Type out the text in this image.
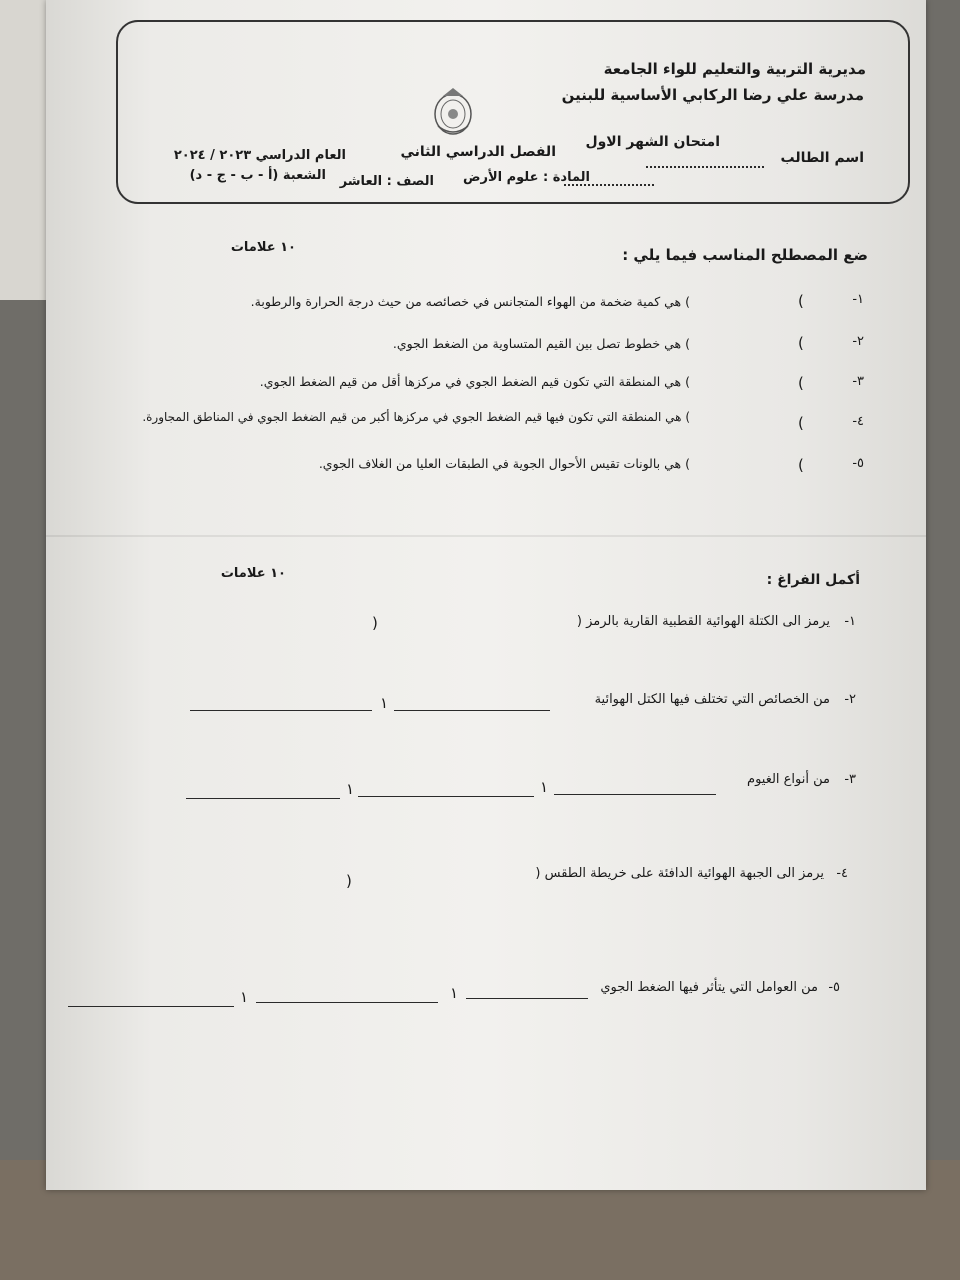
مديرية التربية والتعليم للواء الجامعة
مدرسة علي رضا الركابي الأساسية للبنين
امتحان الشهر الاول
الفصل الدراسي الثاني
العام الدراسي ٢٠٢٣ / ٢٠٢٤	اسم الطالب
المادة : علوم الأرض
الصف : العاشر
الشعبة (أ - ب - ج - د)
ضع المصطلح المناسب فيما يلي :
١٠ علامات
١-
(
) هي كمية ضخمة من الهواء المتجانس في خصائصه من حيث درجة الحرارة والرطوبة.
٢-
(
) هي خطوط تصل بين القيم المتساوية من الضغط الجوي.
٣-
(
) هي المنطقة التي تكون قيم الضغط الجوي في مركزها أقل من قيم الضغط الجوي.
٤-
(
) هي المنطقة التي تكون فيها قيم الضغط الجوي في مركزها أكبر من قيم الضغط الجوي في المناطق المجاورة.
٥-
(
) هي بالونات تقيس الأحوال الجوية في الطبقات العليا من الغلاف الجوي.
أكمل الفراغ :
١٠ علامات
١-
يرمز الى الكتلة الهوائية القطبية القارية بالرمز (
)
٢-
من الخصائص التي تختلف فيها الكتل الهوائية
١
٣-
من أنواع الغيوم
١
١
٤-
يرمز الى الجبهة الهوائية الدافئة على خريطة الطقس (
)
٥-
من العوامل التي يتأثر فيها الضغط الجوي
١
١
